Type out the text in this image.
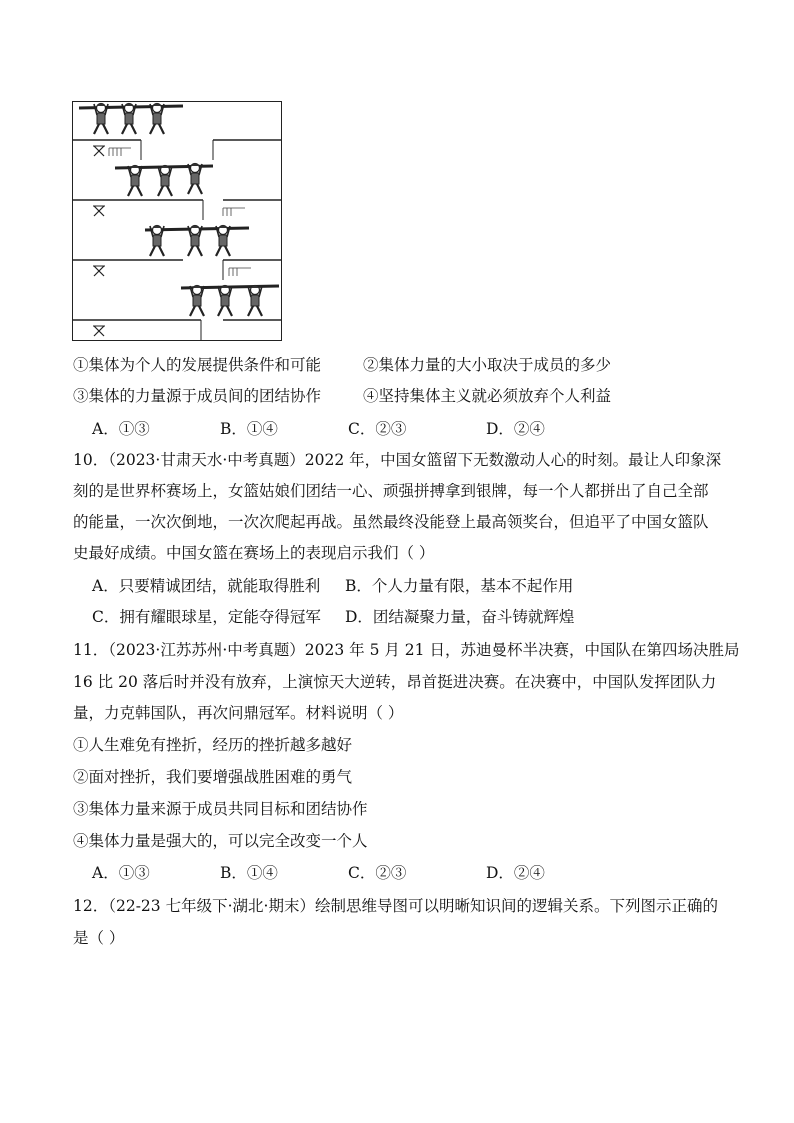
①集体为个人的发展提供条件和可能	②集体力量的大小取决于成员的多少
③集体的力量源于成员间的团结协作	④坚持集体主义就必须放弃个人利益
A．①③	B．①④	C．②③	D．②④
10．（2023·甘肃天水·中考真题）2022 年，中国女篮留下无数激动人心的时刻。最让人印象深
刻的是世界杯赛场上，女篮姑娘们团结一心、顽强拼搏拿到银牌，每一个人都拼出了自己全部
的能量，一次次倒地，一次次爬起再战。虽然最终没能登上最高领奖台，但追平了中国女篮队
史最好成绩。中国女篮在赛场上的表现启示我们（ ）
A．只要精诚团结，就能取得胜利 B．个人力量有限，基本不起作用
C．拥有耀眼球星，定能夺得冠军 D．团结凝聚力量，奋斗铸就辉煌
11．（2023·江苏苏州·中考真题）2023 年 5 月 21 日，苏迪曼杯半决赛，中国队在第四场决胜局
16 比 20 落后时并没有放弃，上演惊天大逆转，昂首挺进决赛。在决赛中，中国队发挥团队力
量，力克韩国队，再次问鼎冠军。材料说明（ ）
①人生难免有挫折，经历的挫折越多越好
②面对挫折，我们要增强战胜困难的勇气
③集体力量来源于成员共同目标和团结协作
④集体力量是强大的，可以完全改变一个人
A．①③	B．①④	C．②③	D．②④
12．（22-23 七年级下·湖北·期末）绘制思维导图可以明晰知识间的逻辑关系。下列图示正确的
是（ ）
